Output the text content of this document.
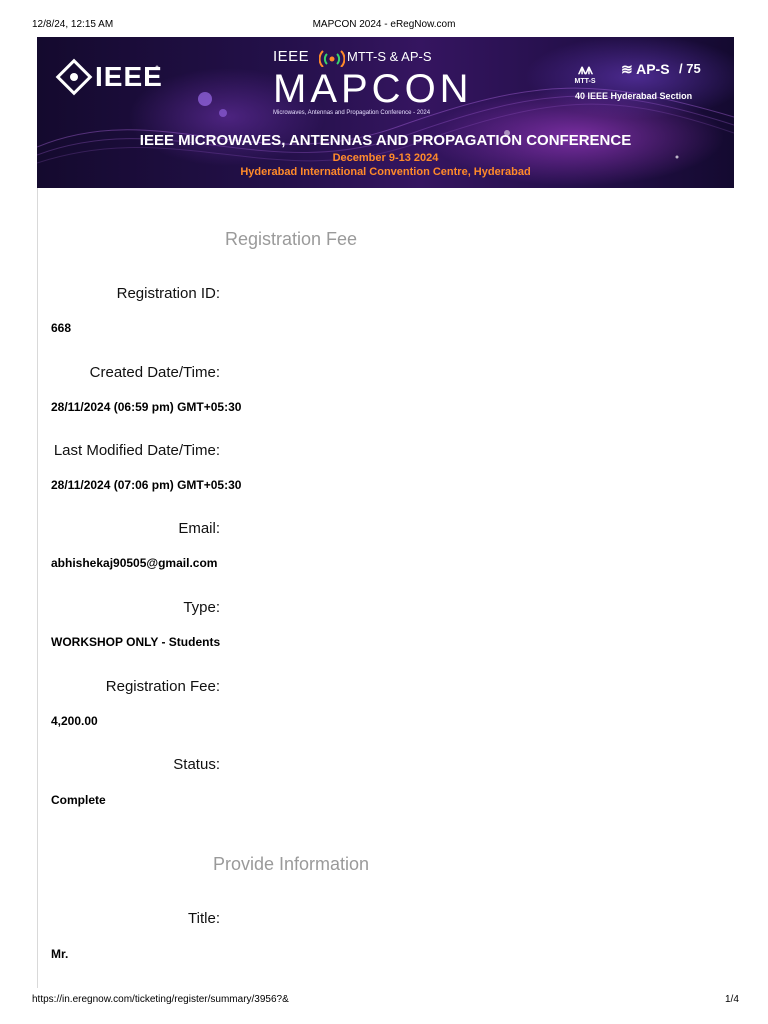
12/8/24, 12:15 AM	MAPCON 2024 - eRegNow.com
IEEE
IEEE	MTT-S & AP-S
MAPCON
Microwaves, Antennas and Propagation Conference - 2024
⩚⩚
MTT-S
≋ AP-S / 75
40 IEEE Hyderabad Section
IEEE MICROWAVES, ANTENNAS AND PROPAGATION CONFERENCE
December 9-13 2024
Hyderabad International Convention Centre, Hyderabad
Registration Fee
Registration ID:
668
Created Date/Time:
28/11/2024 (06:59 pm) GMT+05:30
Last Modified Date/Time:
28/11/2024 (07:06 pm) GMT+05:30
Email:
abhishekaj90505@gmail.com
Type:
WORKSHOP ONLY - Students
Registration Fee:
4,200.00
Status:
Complete
Provide Information
Title:
Mr.
https://in.eregnow.com/ticketing/register/summary/3956?&	1/4
